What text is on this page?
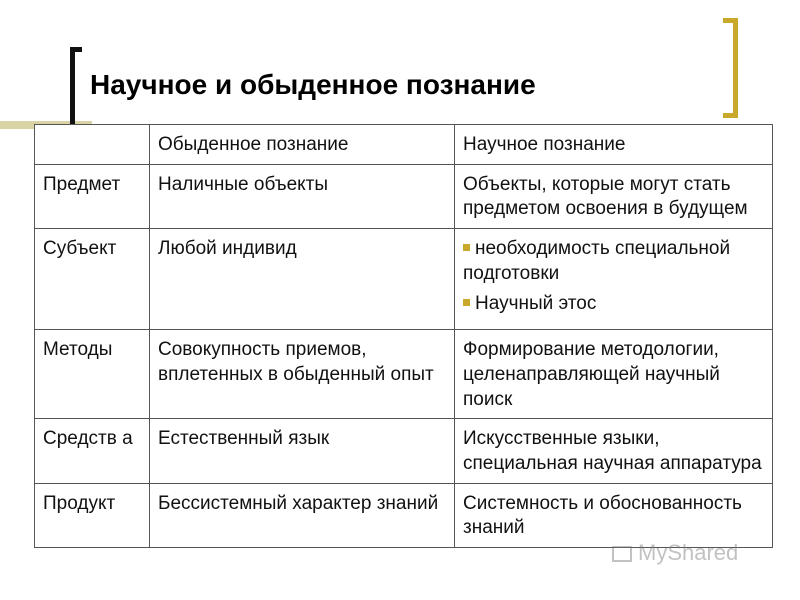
Научное и обыденное познание
	Обыденное познание	Научное познание
Предмет	Наличные объекты	Объекты, которые могут стать предметом освоения в будущем
Субъект	Любой индивид	необходимость специальной подготовки
Научный этос

Методы	Совокупность приемов, вплетенных в обыденный опыт	Формирование методологии, целенаправляющей научный поиск
Средств а	Естественный язык	Искусственные языки, специальная научная аппаратура
Продукт	Бессистемный характер знаний	Системность и обоснованность знаний
MyShared
